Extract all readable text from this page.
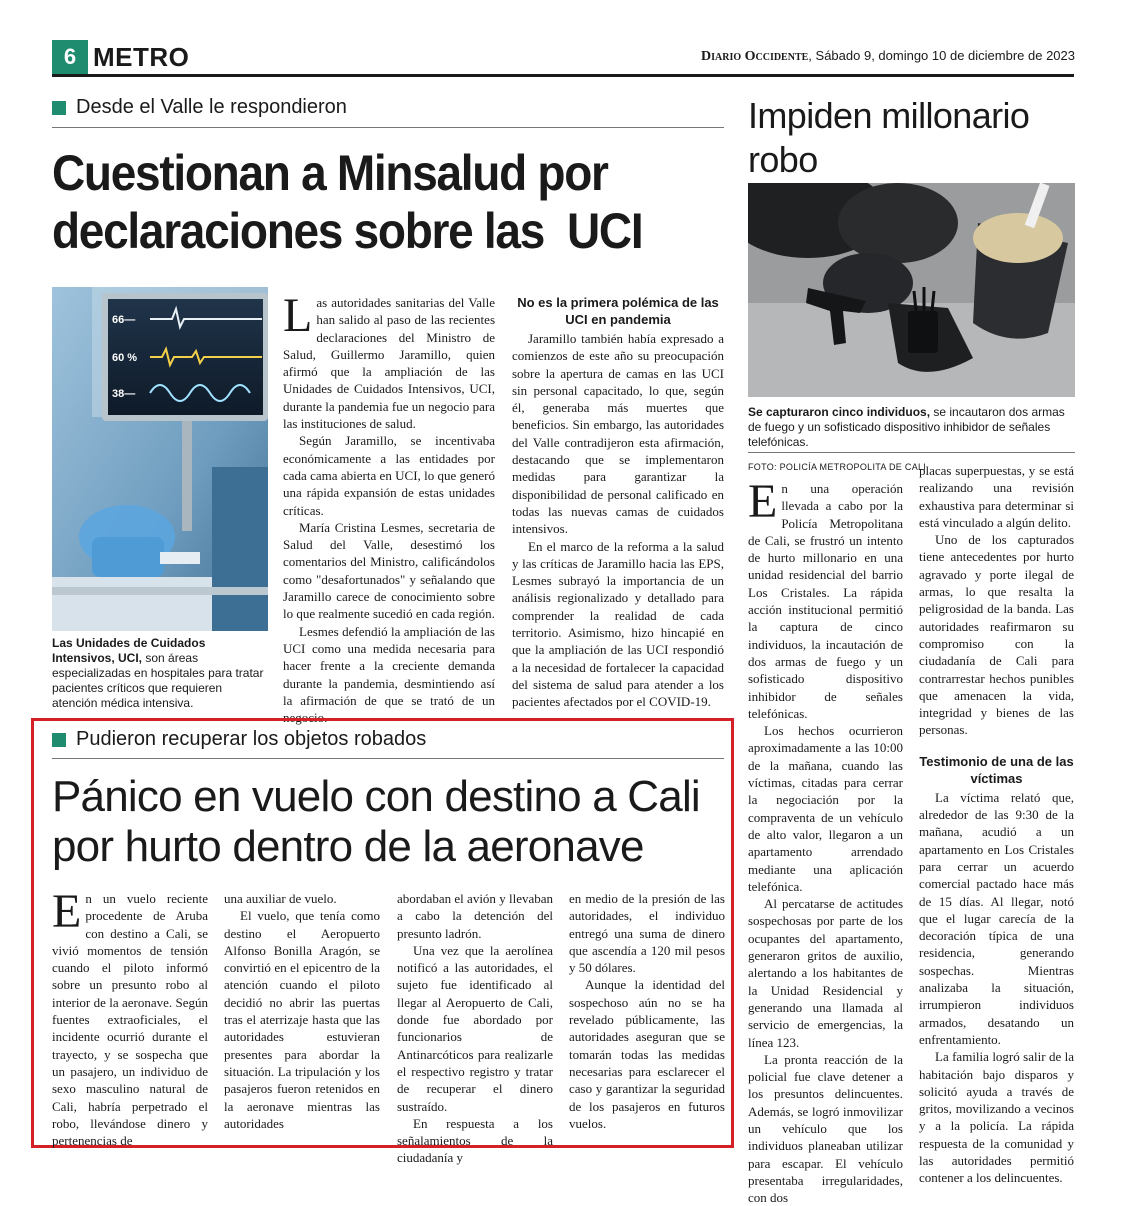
6 METRO	Diario Occidente, Sábado 9, domingo 10 de diciembre de 2023
Desde el Valle le respondieron
Cuestionan a Minsalud por
declaraciones sobre las  UCI
66—
60 %
38—
Las Unidades de Cuidados Intensivos, UCI, son áreas especializadas en hospitales para tratar pacientes críticos que requieren atención médica intensiva.

Las autoridades sanitarias del Valle han salido al paso de las recientes declaraciones del Ministro de Salud, Guillermo Jaramillo, quien afirmó que la ampliación de las Unidades de Cuidados Intensivos, UCI, durante la pandemia fue un negocio para las instituciones de salud.

Según Jaramillo, se incentivaba económicamente a las entidades por cada cama abierta en UCI, lo que generó una rápida expansión de estas unidades críticas.

María Cristina Lesmes, secretaria de Salud del Valle, desestimó los comentarios del Ministro, calificándolos como "desafortunados" y señalando que Jaramillo carece de conocimiento sobre lo que realmente sucedió en cada región.

Lesmes defendió la ampliación de las UCI como una medida necesaria para hacer frente a la creciente demanda durante la pandemia, desmintiendo así la afirmación de que se trató de un negocio.

No es la primera polémica de las UCI en pandemia

Jaramillo también había expresado a comienzos de este año su preocupación sobre la apertura de camas en las UCI sin personal capacitado, lo que, según él, generaba más muertes que beneficios. Sin embargo, las autoridades del Valle contradijeron esta afirmación, destacando que se implementaron medidas para garantizar la disponibilidad de personal calificado en todas las nuevas camas de cuidados intensivos.

En el marco de la reforma a la salud y las críticas de Jaramillo hacia las EPS, Lesmes subrayó la importancia de un análisis regionalizado y detallado para comprender la realidad de cada territorio. Asimismo, hizo hincapié en que la ampliación de las UCI respondió a la necesidad de fortalecer la capacidad del sistema de salud para atender a los pacientes afectados por el COVID-19.

Impiden millonario robo
Se capturaron cinco individuos, se incautaron dos armas de fuego y un sofisticado dispositivo inhibidor de señales telefónicas.
FOTO: POLICÍA METROPOLITA DE CALI

En una operación llevada a cabo por la Policía Metropolitana de Cali, se frustró un intento de hurto millonario en una unidad residencial del barrio Los Cristales. La rápida acción institucional permitió la captura de cinco individuos, la incautación de dos armas de fuego y un sofisticado dispositivo inhibidor de señales telefónicas.

Los hechos ocurrieron aproximadamente a las 10:00 de la mañana, cuando las víctimas, citadas para cerrar la negociación por la compraventa de un vehículo de alto valor, llegaron a un apartamento arrendado mediante una aplicación telefónica.

Al percatarse de actitudes sospechosas por parte de los ocupantes del apartamento, generaron gritos de auxilio, alertando a los habitantes de la Unidad Residencial y generando una llamada al servicio de emergencias, la línea 123.

La pronta reacción de la policial fue clave detener a los presuntos delincuentes. Además, se logró inmovilizar un vehículo que los individuos planeaban utilizar para escapar. El vehículo presentaba irregularidades, con dos

placas superpuestas, y se está realizando una revisión exhaustiva para determinar si está vinculado a algún delito.

Uno de los capturados tiene antecedentes por hurto agravado y porte ilegal de armas, lo que resalta la peligrosidad de la banda. Las autoridades reafirmaron su compromiso con la ciudadanía de Cali para contrarrestar hechos punibles que amenacen la vida, integridad y bienes de las personas.

Testimonio de una de las víctimas

La víctima relató que, alrededor de las 9:30 de la mañana, acudió a un apartamento en Los Cristales para cerrar un acuerdo comercial pactado hace más de 15 días. Al llegar, notó que el lugar carecía de la decoración típica de una residencia, generando sospechas. Mientras analizaba la situación, irrumpieron individuos armados, desatando un enfrentamiento.

La familia logró salir de la habitación bajo disparos y solicitó ayuda a través de gritos, movilizando a vecinos y a la policía. La rápida respuesta de la comunidad y las autoridades permitió contener a los delincuentes.

Pudieron recuperar los objetos robados
Pánico en vuelo con destino a Cali
por hurto dentro de la aeronave

En un vuelo reciente procedente de Aruba con destino a Cali, se vivió momentos de tensión cuando el piloto informó sobre un presunto robo al interior de la aeronave. Según fuentes extraoficiales, el incidente ocurrió durante el trayecto, y se sospecha que un pasajero, un individuo de sexo masculino natural de Cali, habría perpetrado el robo, llevándose dinero y pertenencias de

una auxiliar de vuelo.

El vuelo, que tenía como destino el Aeropuerto Alfonso Bonilla Aragón, se convirtió en el epicentro de la atención cuando el piloto decidió no abrir las puertas tras el aterrizaje hasta que las autoridades estuvieran presentes para abordar la situación. La tripulación y los pasajeros fueron retenidos en la aeronave mientras las autoridades

abordaban el avión y llevaban a cabo la detención del presunto ladrón.

Una vez que la aerolínea notificó a las autoridades, el sujeto fue identificado al llegar al Aeropuerto de Cali, donde fue abordado por funcionarios de Antinarcóticos para realizarle el respectivo registro y tratar de recuperar el dinero sustraído.

En respuesta a los señalamientos de la ciudadanía y

en medio de la presión de las autoridades, el individuo entregó una suma de dinero que ascendía a 120 mil pesos y 50 dólares.

Aunque la identidad del sospechoso aún no se ha revelado públicamente, las autoridades aseguran que se tomarán todas las medidas necesarias para esclarecer el caso y garantizar la seguridad de los pasajeros en futuros vuelos.
